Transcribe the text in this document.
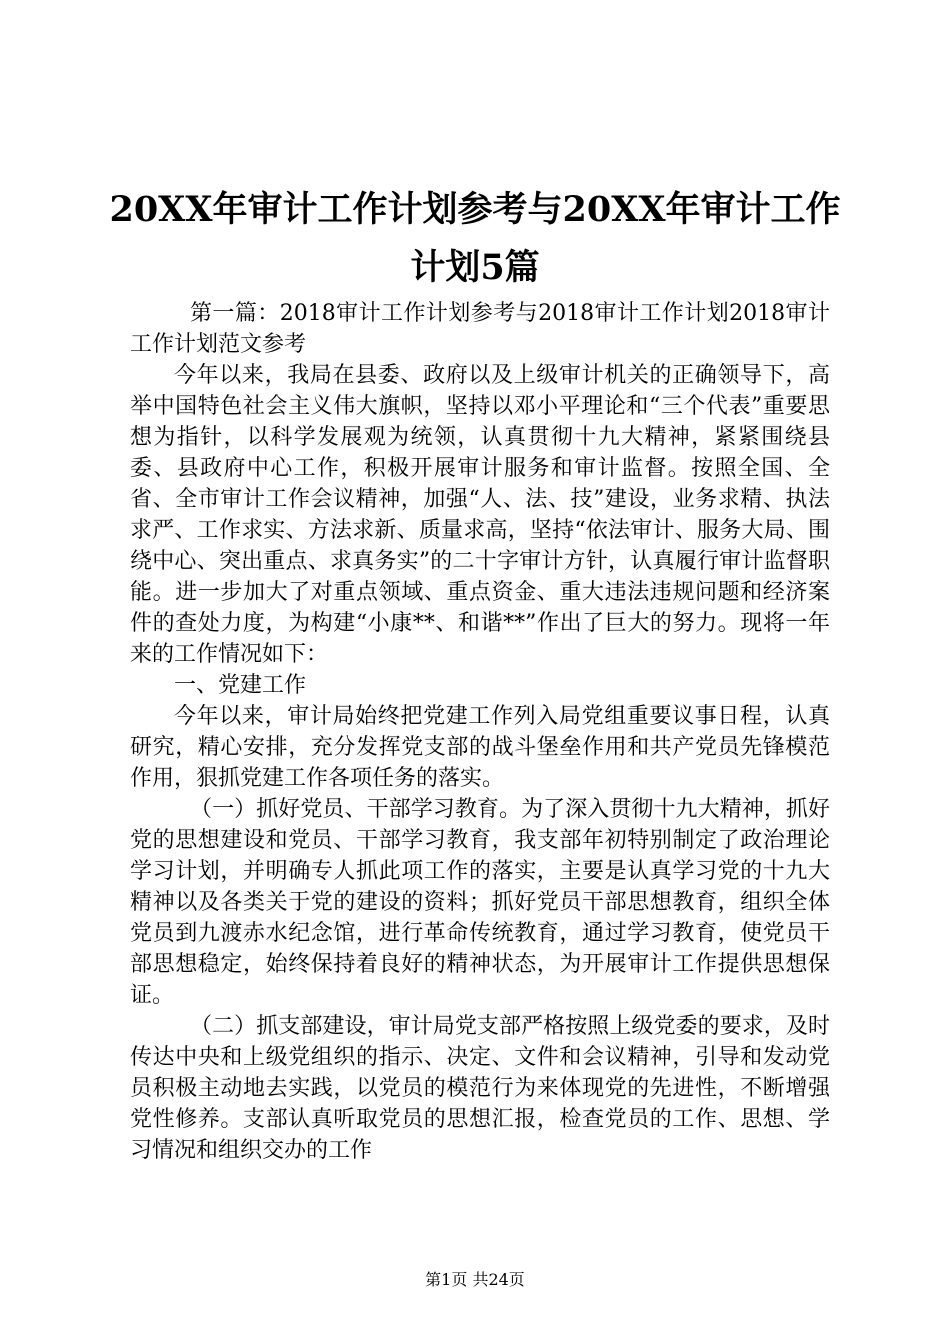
20XX年审计工作计划参考与20XX年审计工作
计划5篇

第一篇：2018审计工作计划参考与2018审计工作计划2018审计工作计划范文参考

今年以来，我局在县委、政府以及上级审计机关的正确领导下，高举中国特色社会主义伟大旗帜，坚持以邓小平理论和“三个代表”重要思想为指针，以科学发展观为统领，认真贯彻十九大精神，紧紧围绕县委、县政府中心工作，积极开展审计服务和审计监督。按照全国、全省、全市审计工作会议精神，加强“人、法、技”建设，业务求精、执法求严、工作求实、方法求新、质量求高，坚持“依法审计、服务大局、围绕中心、突出重点、求真务实”的二十字审计方针，认真履行审计监督职能。进一步加大了对重点领域、重点资金、重大违法违规问题和经济案件的查处力度，为构建“小康**、和谐**”作出了巨大的努力。现将一年来的工作情况如下：

一、党建工作

今年以来，审计局始终把党建工作列入局党组重要议事日程，认真研究，精心安排，充分发挥党支部的战斗堡垒作用和共产党员先锋模范作用，狠抓党建工作各项任务的落实。

（一）抓好党员、干部学习教育。为了深入贯彻十九大精神，抓好党的思想建设和党员、干部学习教育，我支部年初特别制定了政治理论学习计划，并明确专人抓此项工作的落实，主要是认真学习党的十九大精神以及各类关于党的建设的资料；抓好党员干部思想教育，组织全体党员到九渡赤水纪念馆，进行革命传统教育，通过学习教育，使党员干部思想稳定，始终保持着良好的精神状态，为开展审计工作提供思想保证。

（二）抓支部建设，审计局党支部严格按照上级党委的要求，及时传达中央和上级党组织的指示、决定、文件和会议精神，引导和发动党员积极主动地去实践，以党员的模范行为来体现党的先进性，不断增强党性修养。支部认真听取党员的思想汇报，检查党员的工作、思想、学习情况和组织交办的工作

第1页 共24页
